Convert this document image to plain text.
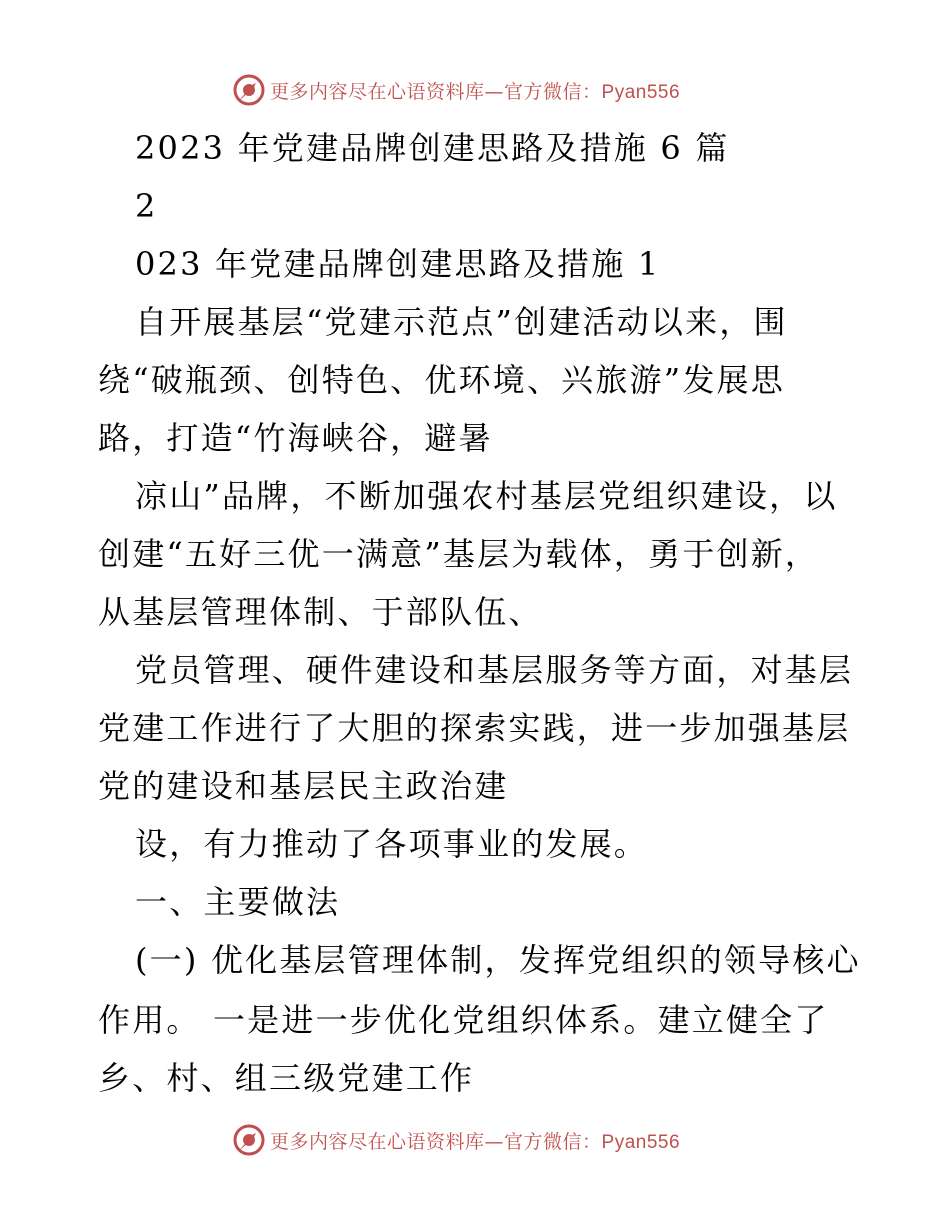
更多内容尽在心语资料库—官方微信：Pyan556
2023 年党建品牌创建思路及措施 6 篇
2
023 年党建品牌创建思路及措施 1
自开展基层“党建示范点”创建活动以来，围
绕“破瓶颈、创特色、优环境、兴旅游”发展思
路，打造“竹海峡谷，避暑
凉山”品牌，不断加强农村基层党组织建设，以
创建“五好三优一满意”基层为载体，勇于创新，
从基层管理体制、于部队伍、
党员管理、硬件建设和基层服务等方面，对基层
党建工作进行了大胆的探索实践，进一步加强基层
党的建设和基层民主政治建
设，有力推动了各项事业的发展。
一、主要做法
(一) 优化基层管理体制，发挥党组织的领导核心
作用。 一是进一步优化党组织体系。建立健全了
乡、村、组三级党建工作
更多内容尽在心语资料库—官方微信：Pyan556
